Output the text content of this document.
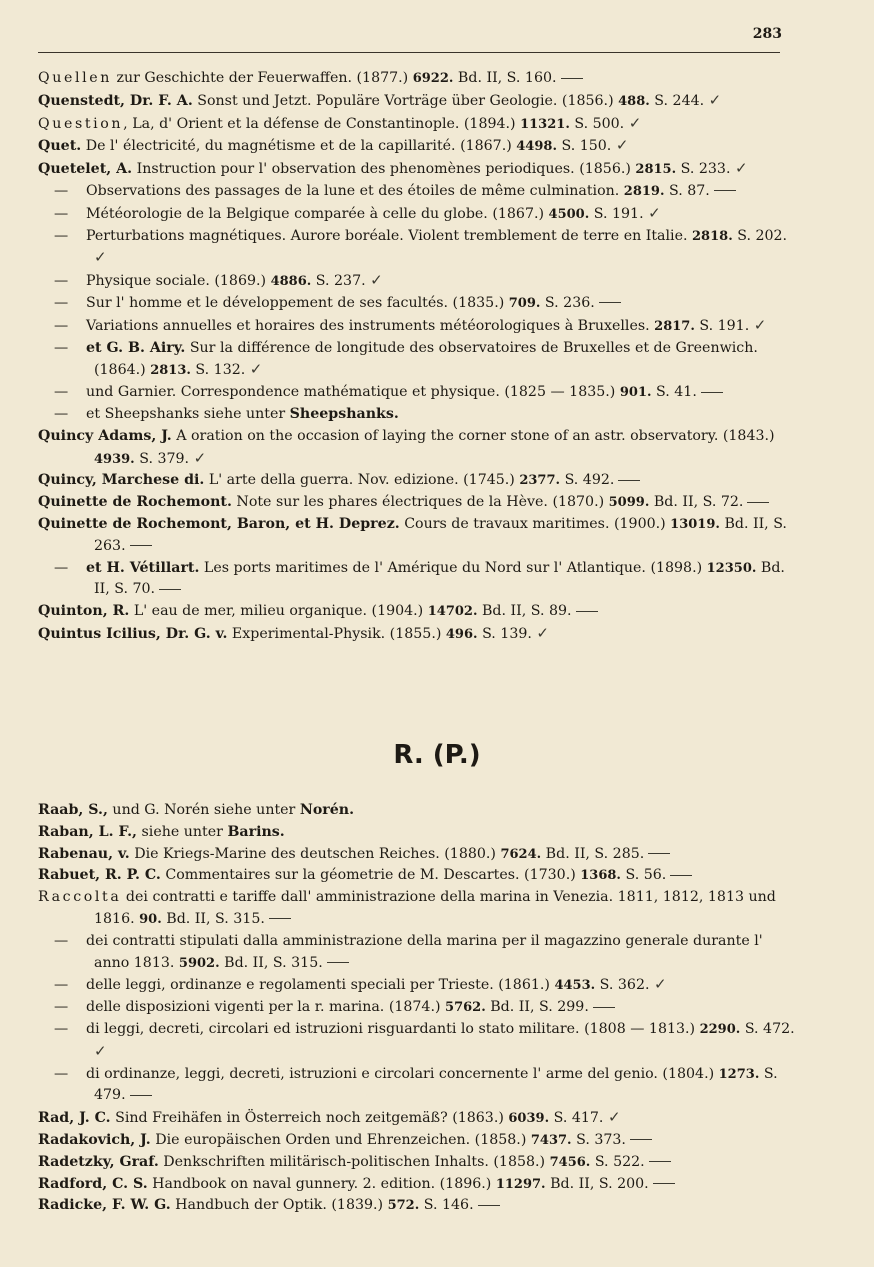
283
Quellen zur Geschichte der Feuerwaffen. (1877.) 6922. Bd. II, S. 160.
Quenstedt, Dr. F. A. Sonst und Jetzt. Populäre Vorträge über Geologie. (1856.) 488. S. 244. ✓
Question, La, d' Orient et la défense de Constantinople. (1894.) 11321. S. 500. ✓
Quet. De l' électricité, du magnétisme et de la capillarité. (1867.) 4498. S. 150. ✓
Quetelet, A. Instruction pour l' observation des phenomènes periodiques. (1856.) 2815. S. 233. ✓
— Observations des passages de la lune et des étoiles de même culmination. 2819. S. 87.
— Météorologie de la Belgique comparée à celle du globe. (1867.) 4500. S. 191. ✓
— Perturbations magnétiques. Aurore boréale. Violent tremblement de terre en Italie. 2818. S. 202. ✓
— Physique sociale. (1869.) 4886. S. 237. ✓
— Sur l' homme et le développement de ses facultés. (1835.) 709. S. 236.
— Variations annuelles et horaires des instruments météorologiques à Bruxelles. 2817. S. 191. ✓
— et G. B. Airy. Sur la différence de longitude des observatoires de Bruxelles et de Greenwich. (1864.) 2813. S. 132. ✓
— und Garnier. Correspondence mathématique et physique. (1825 — 1835.) 901. S. 41.
— et Sheepshanks siehe unter Sheepshanks.
Quincy Adams, J. A oration on the occasion of laying the corner stone of an astr. observatory. (1843.) 4939. S. 379. ✓
Quincy, Marchese di. L' arte della guerra. Nov. edizione. (1745.) 2377. S. 492.
Quinette de Rochemont. Note sur les phares électriques de la Hève. (1870.) 5099. Bd. II, S. 72.
Quinette de Rochemont, Baron, et H. Deprez. Cours de travaux maritimes. (1900.) 13019. Bd. II, S. 263.
— et H. Vétillart. Les ports maritimes de l' Amérique du Nord sur l' Atlantique. (1898.) 12350. Bd. II, S. 70.
Quinton, R. L' eau de mer, milieu organique. (1904.) 14702. Bd. II, S. 89.
Quintus Icilius, Dr. G. v. Experimental-Physik. (1855.) 496. S. 139. ✓
R. (P.)
Raab, S., und G. Norén siehe unter Norén.
Raban, L. F., siehe unter Barins.
Rabenau, v. Die Kriegs-Marine des deutschen Reiches. (1880.) 7624. Bd. II, S. 285.
Rabuet, R. P. C. Commentaires sur la géometrie de M. Descartes. (1730.) 1368. S. 56.
Raccolta dei contratti e tariffe dall' amministrazione della marina in Venezia. 1811, 1812, 1813 und 1816. 90. Bd. II, S. 315.
— dei contratti stipulati dalla amministrazione della marina per il magazzino generale durante l' anno 1813. 5902. Bd. II, S. 315.
— delle leggi, ordinanze e regolamenti speciali per Trieste. (1861.) 4453. S. 362. ✓
— delle disposizioni vigenti per la r. marina. (1874.) 5762. Bd. II, S. 299.
— di leggi, decreti, circolari ed istruzioni risguardanti lo stato militare. (1808 — 1813.) 2290. S. 472. ✓
— di ordinanze, leggi, decreti, istruzioni e circolari concernente l' arme del genio. (1804.) 1273. S. 479.
Rad, J. C. Sind Freihäfen in Österreich noch zeitgemäß? (1863.) 6039. S. 417. ✓
Radakovich, J. Die europäischen Orden und Ehrenzeichen. (1858.) 7437. S. 373.
Radetzky, Graf. Denkschriften militärisch-politischen Inhalts. (1858.) 7456. S. 522.
Radford, C. S. Handbook on naval gunnery. 2. edition. (1896.) 11297. Bd. II, S. 200.
Radicke, F. W. G. Handbuch der Optik. (1839.) 572. S. 146.
